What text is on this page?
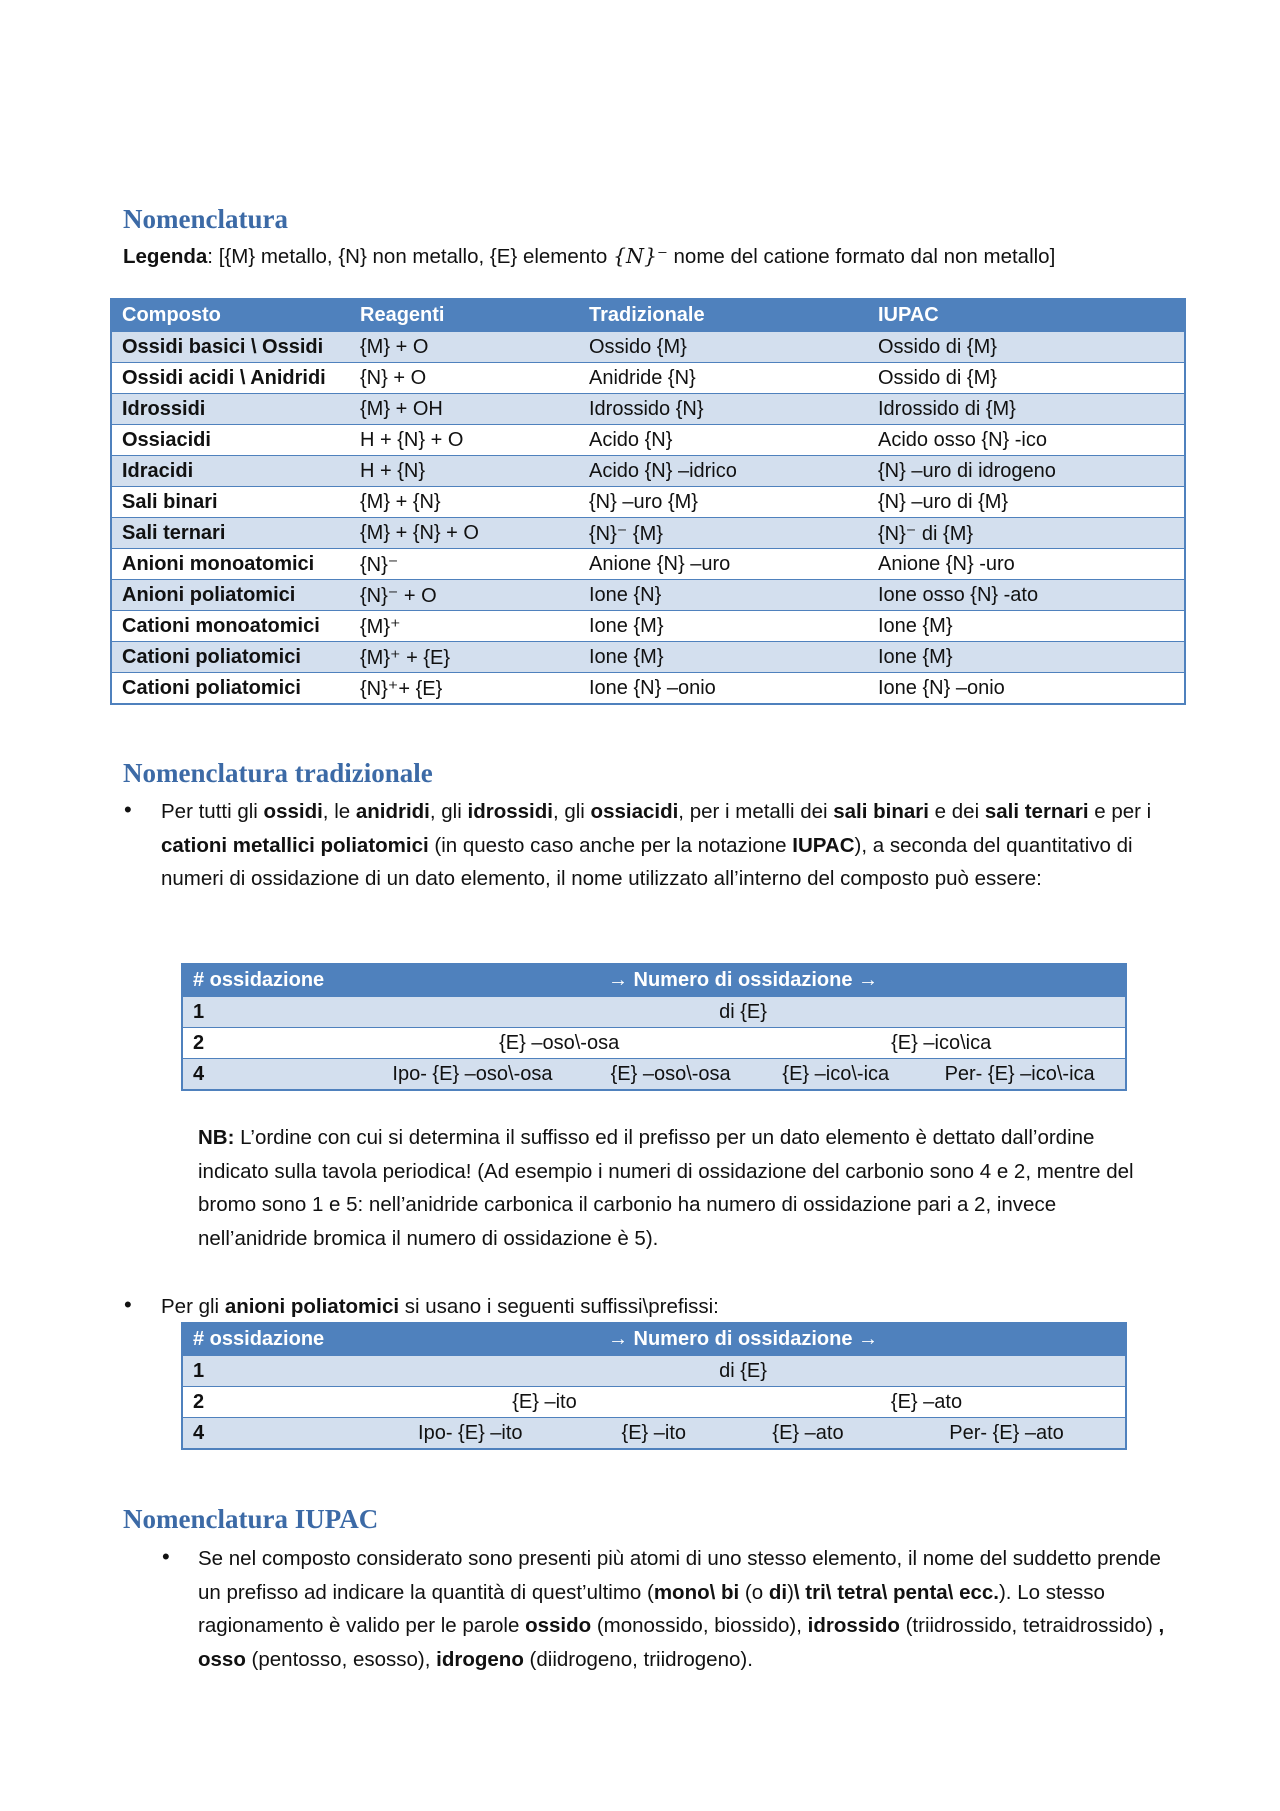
Nomenclatura
Legenda: [{M} metallo, {N} non metallo, {E} elemento {N}⁻ nome del catione formato dal non metallo]
Composto	Reagenti	Tradizionale	IUPAC
Ossidi basici \ Ossidi	{M} + O	Ossido {M}	Ossido di {M}
Ossidi acidi \ Anidridi	{N} + O	Anidride {N}	Ossido di {M}
Idrossidi	{M} + OH	Idrossido {N}	Idrossido di {M}
Ossiacidi	H + {N} + O	Acido {N}	Acido osso {N} -ico
Idracidi	H + {N}	Acido {N} –idrico	{N} –uro di idrogeno
Sali binari	{M} + {N}	{N} –uro {M}	{N} –uro di {M}
Sali ternari	{M} + {N} + O	{N}⁻ {M}	{N}⁻ di {M}
Anioni monoatomici	{N}⁻	Anione {N} –uro	Anione {N} -uro
Anioni poliatomici	{N}⁻ + O	Ione {N}	Ione osso {N} -ato
Cationi monoatomici	{M}⁺	Ione {M}	Ione {M}
Cationi poliatomici	{M}⁺ + {E}	Ione {M}	Ione {M}
Cationi poliatomici	{N}⁺+ {E}	Ione {N} –onio	Ione {N} –onio
Nomenclatura tradizionale
• Per tutti gli ossidi, le anidridi, gli idrossidi, gli ossiacidi, per i metalli dei sali binari e dei sali ternari e per i cationi metallici poliatomici (in questo caso anche per la notazione IUPAC), a seconda del quantitativo di numeri di ossidazione di un dato elemento, il nome utilizzato all’interno del composto può essere:
# ossidazione	→ Numero di ossidazione →			
1	di {E}			
2	{E} –oso\-osa		{E} –ico\ica	
4	Ipo- {E} –oso\-osa	{E} –oso\-osa	{E} –ico\-ica	Per- {E} –ico\-ica
NB: L’ordine con cui si determina il suffisso ed il prefisso per un dato elemento è dettato dall’ordine indicato sulla tavola periodica! (Ad esempio i numeri di ossidazione del carbonio sono 4 e 2, mentre del bromo sono 1 e 5: nell’anidride carbonica il carbonio ha numero di ossidazione pari a 2, invece nell’anidride bromica il numero di ossidazione è 5).
• Per gli anioni poliatomici si usano i seguenti suffissi\prefissi:
# ossidazione	→ Numero di ossidazione →			
1	di {E}			
2	{E} –ito		{E} –ato	
4	Ipo- {E} –ito	{E} –ito	{E} –ato	Per- {E} –ato
Nomenclatura IUPAC
• Se nel composto considerato sono presenti più atomi di uno stesso elemento, il nome del suddetto prende un prefisso ad indicare la quantità di quest’ultimo (mono\ bi (o di)\ tri\ tetra\ penta\ ecc.). Lo stesso ragionamento è valido per le parole ossido (monossido, biossido), idrossido (triidrossido, tetraidrossido) , osso (pentosso, esosso), idrogeno (diidrogeno, triidrogeno).
